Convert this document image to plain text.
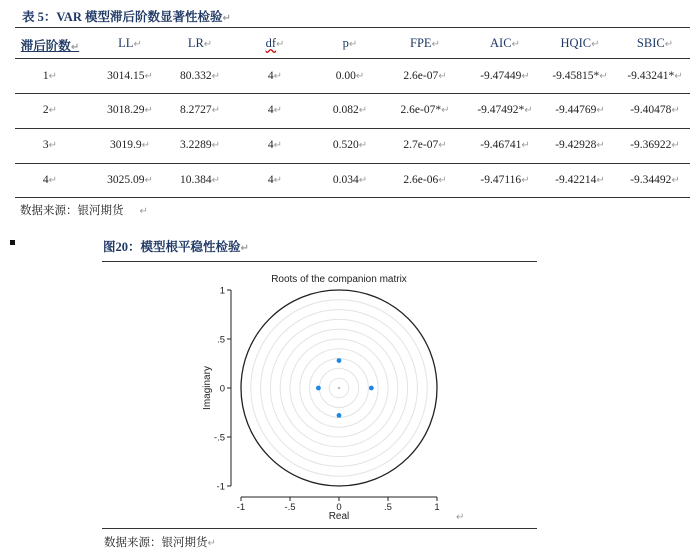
表 5：VAR 模型滞后阶数显著性检验↵
滞后阶数↵	LL↵	LR↵	df↵	p↵	FPE↵	AIC↵	HQIC↵	SBIC↵
1↵	3014.15↵	80.332↵	4↵	0.00↵	2.6e-07↵	-9.47449↵	-9.45815*↵	-9.43241*↵
2↵	3018.29↵	8.2727↵	4↵	0.082↵	2.6e-07*↵	-9.47492*↵	-9.44769↵	-9.40478↵
3↵	3019.9↵	3.2289↵	4↵	0.520↵	2.7e-07↵	-9.46741↵	-9.42928↵	-9.36922↵
4↵	3025.09↵	10.384↵	4↵	0.034↵	2.6e-06↵	-9.47116↵	-9.42214↵	-9.34492↵
数据来源：银河期货 ↵
图20：模型根平稳性检验↵
Roots of the companion matrix
-1
-1
-.5
-.5
0
0
.5
.5
1
1
Real
Imaginary
↵
数据来源：银河期货↵
